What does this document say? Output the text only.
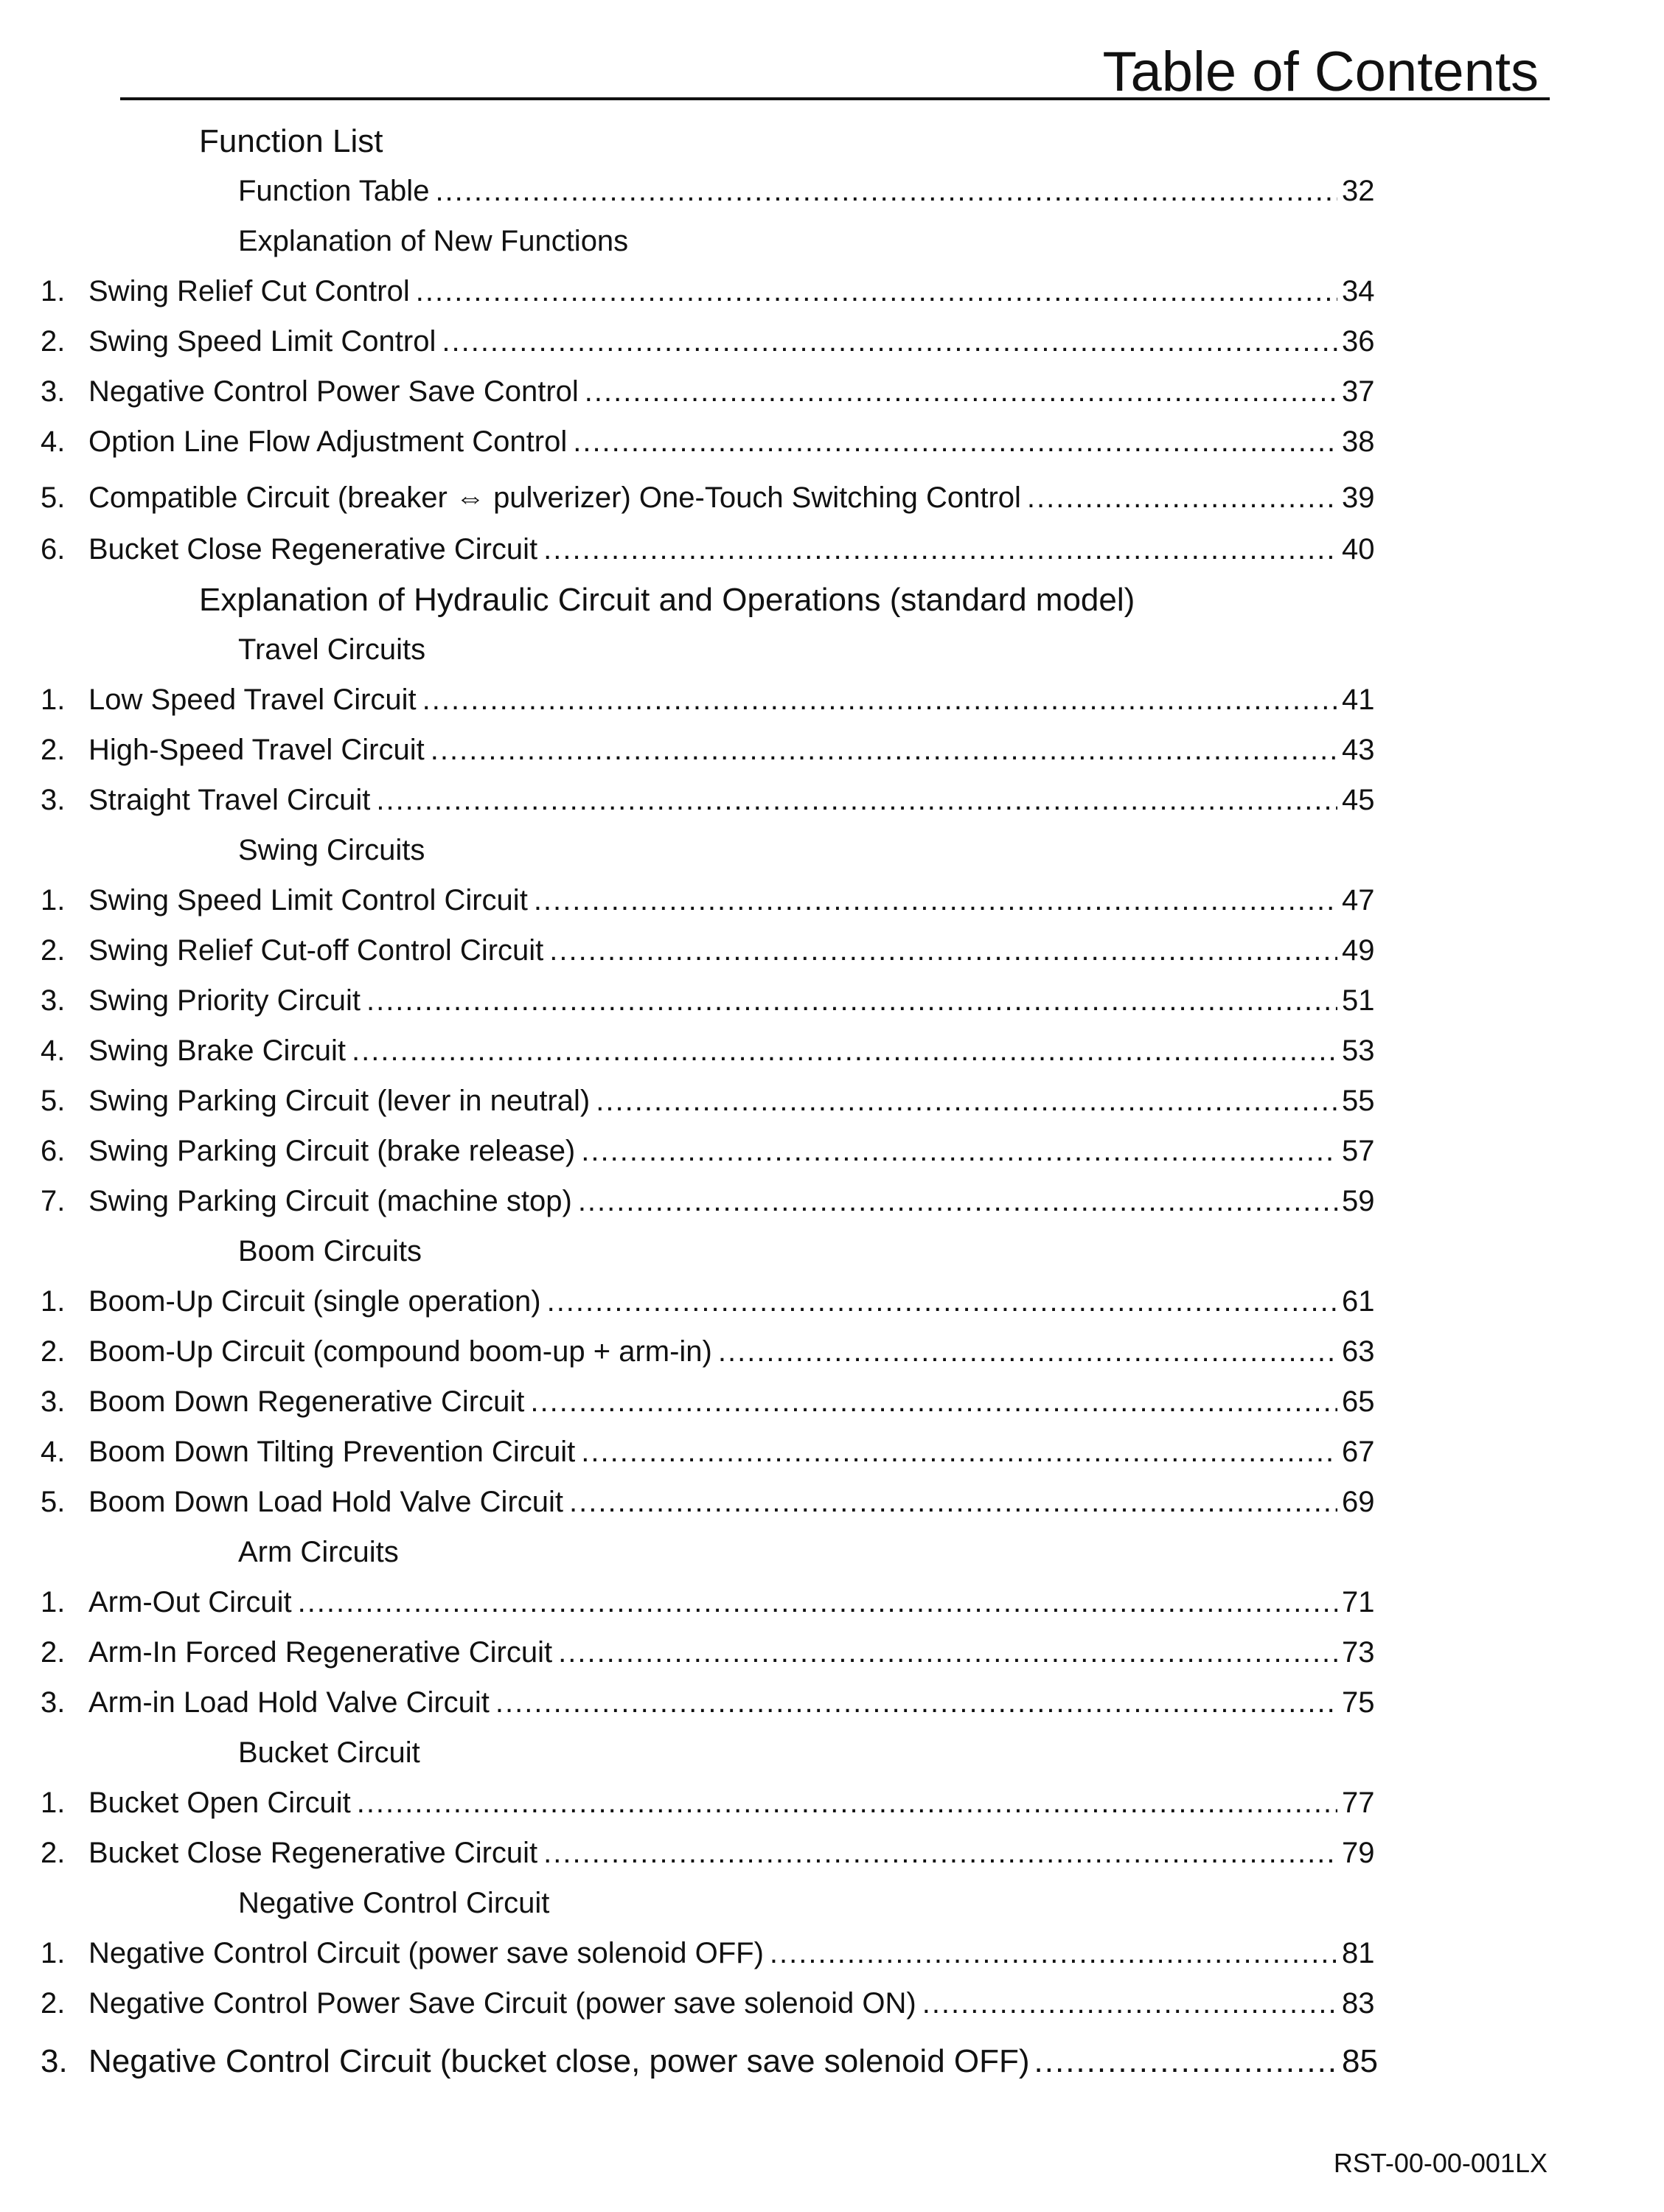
Table of Contents
Function List
Function Table .....	32
Explanation of New Functions
1. Swing Relief Cut Control .....	34
2. Swing Speed Limit Control .....	36
3. Negative Control Power Save Control .....	37
4. Option Line Flow Adjustment Control .....	38
5. Compatible Circuit (breaker ⇔ pulverizer) One-Touch Switching Control .....	39
6. Bucket Close Regenerative Circuit .....	40
Explanation of Hydraulic Circuit and Operations (standard model)
Travel Circuits
1. Low Speed Travel Circuit .....	41
2. High-Speed Travel Circuit .....	43
3. Straight Travel Circuit .....	45
Swing Circuits
1. Swing Speed Limit Control Circuit .....	47
2. Swing Relief Cut-off Control Circuit .....	49
3. Swing Priority Circuit .....	51
4. Swing Brake Circuit .....	53
5. Swing Parking Circuit (lever in neutral) .....	55
6. Swing Parking Circuit (brake release) .....	57
7. Swing Parking Circuit (machine stop) .....	59
Boom Circuits
1. Boom-Up Circuit (single operation) .....	61
2. Boom-Up Circuit (compound boom-up + arm-in) .....	63
3. Boom Down Regenerative Circuit .....	65
4. Boom Down Tilting Prevention Circuit .....	67
5. Boom Down Load Hold Valve Circuit .....	69
Arm Circuits
1. Arm-Out Circuit .....	71
2. Arm-In Forced Regenerative Circuit .....	73
3. Arm-in Load Hold Valve Circuit .....	75
Bucket Circuit
1. Bucket Open Circuit .....	77
2. Bucket Close Regenerative Circuit .....	79
Negative Control Circuit
1. Negative Control Circuit (power save solenoid OFF) .....	81
2. Negative Control Power Save Circuit (power save solenoid ON) .....	83
3. Negative Control Circuit (bucket close, power save solenoid OFF) .....	85
RST-00-00-001LX
